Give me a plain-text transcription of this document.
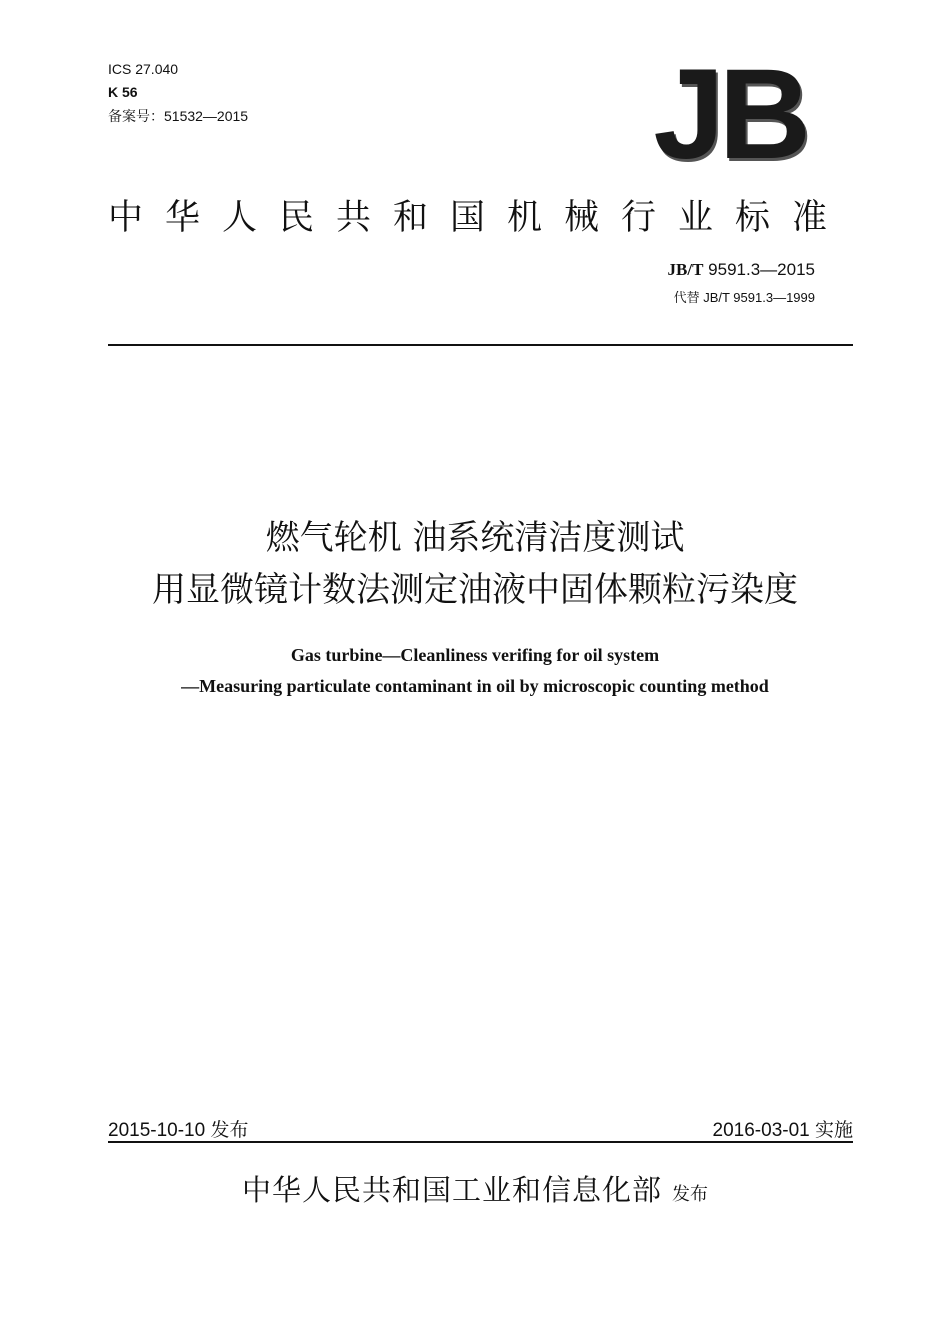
ICS 27.040
K 56
备案号：51532—2015	JB
中华人民共和国机械行业标准
JB/T 9591.3—2015
代替 JB/T 9591.3—1999
燃气轮机 油系统清洁度测试
用显微镜计数法测定油液中固体颗粒污染度
Gas turbine—Cleanliness verifing for oil system
—Measuring particulate contaminant in oil by microscopic counting method
2015-10-10 发布	2016-03-01 实施
中华人民共和国工业和信息化部 发布
